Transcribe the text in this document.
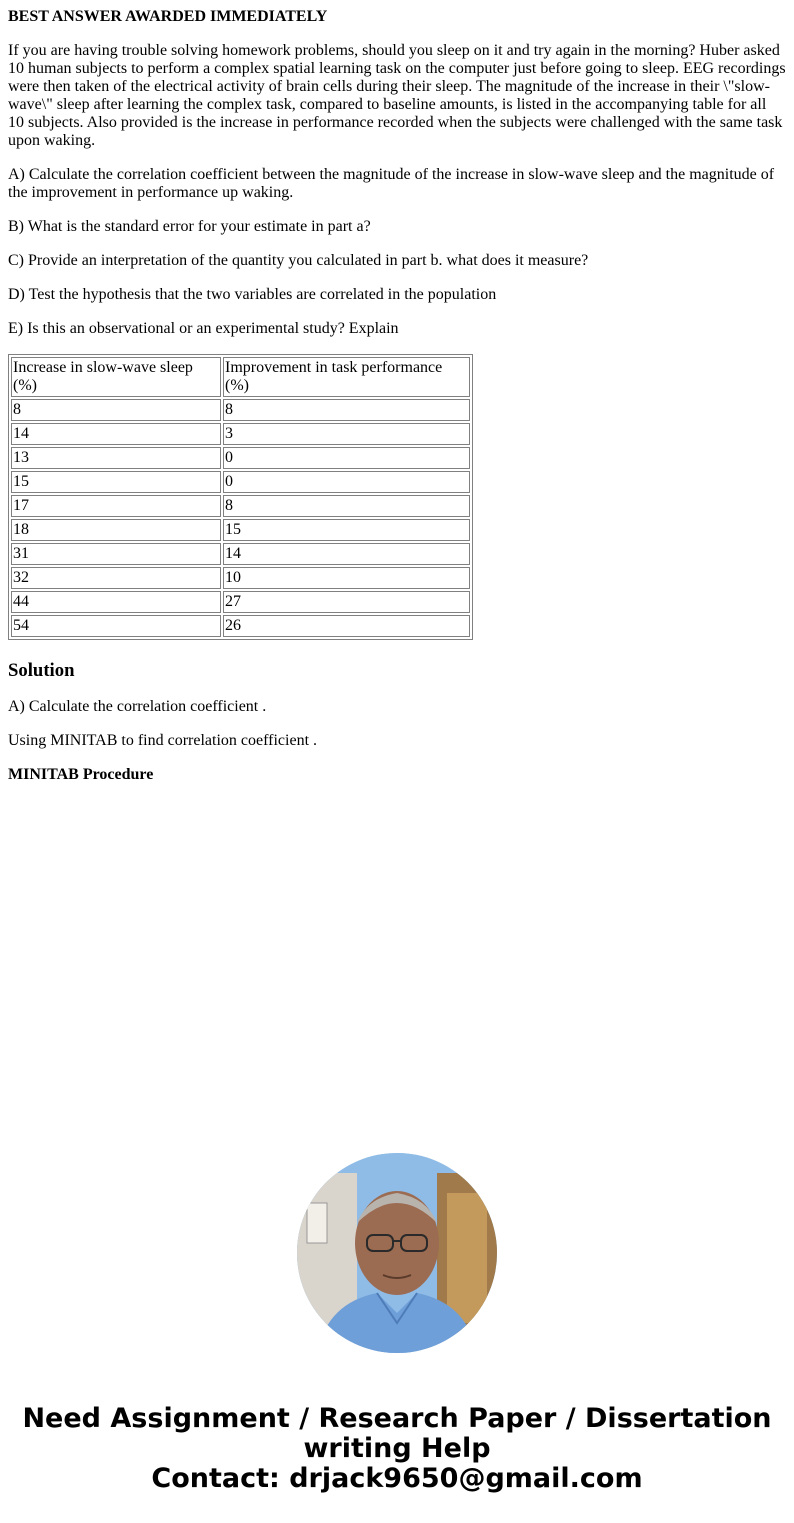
BEST ANSWER AWARDED IMMEDIATELY

If you are having trouble solving homework problems, should you sleep on it and try again in the morning? Huber asked 10 human subjects to perform a complex spatial learning task on the computer just before going to sleep. EEG recordings were then taken of the electrical activity of brain cells during their sleep. The magnitude of the increase in their \"slow-wave\" sleep after learning the complex task, compared to baseline amounts, is listed in the accompanying table for all 10 subjects. Also provided is the increase in performance recorded when the subjects were challenged with the same task upon waking.

A) Calculate the correlation coefficient between the magnitude of the increase in slow-wave sleep and the magnitude of the improvement in performance up waking.

B) What is the standard error for your estimate in part a?

C) Provide an interpretation of the quantity you calculated in part b. what does it measure?

D) Test the hypothesis that the two variables are correlated in the population

E) Is this an observational or an experimental study? Explain

Increase in slow-wave sleep (%)	Improvement in task performance (%)
8	8
14	3
13	0
15	0
17	8
18	15
31	14
32	10
44	27
54	26
Solution

A) Calculate the correlation coefficient .

Using MINITAB to find correlation coefficient .

MINITAB Procedure

Need Assignment / Research Paper / Dissertation
writing Help
Contact: drjack9650@gmail.com
